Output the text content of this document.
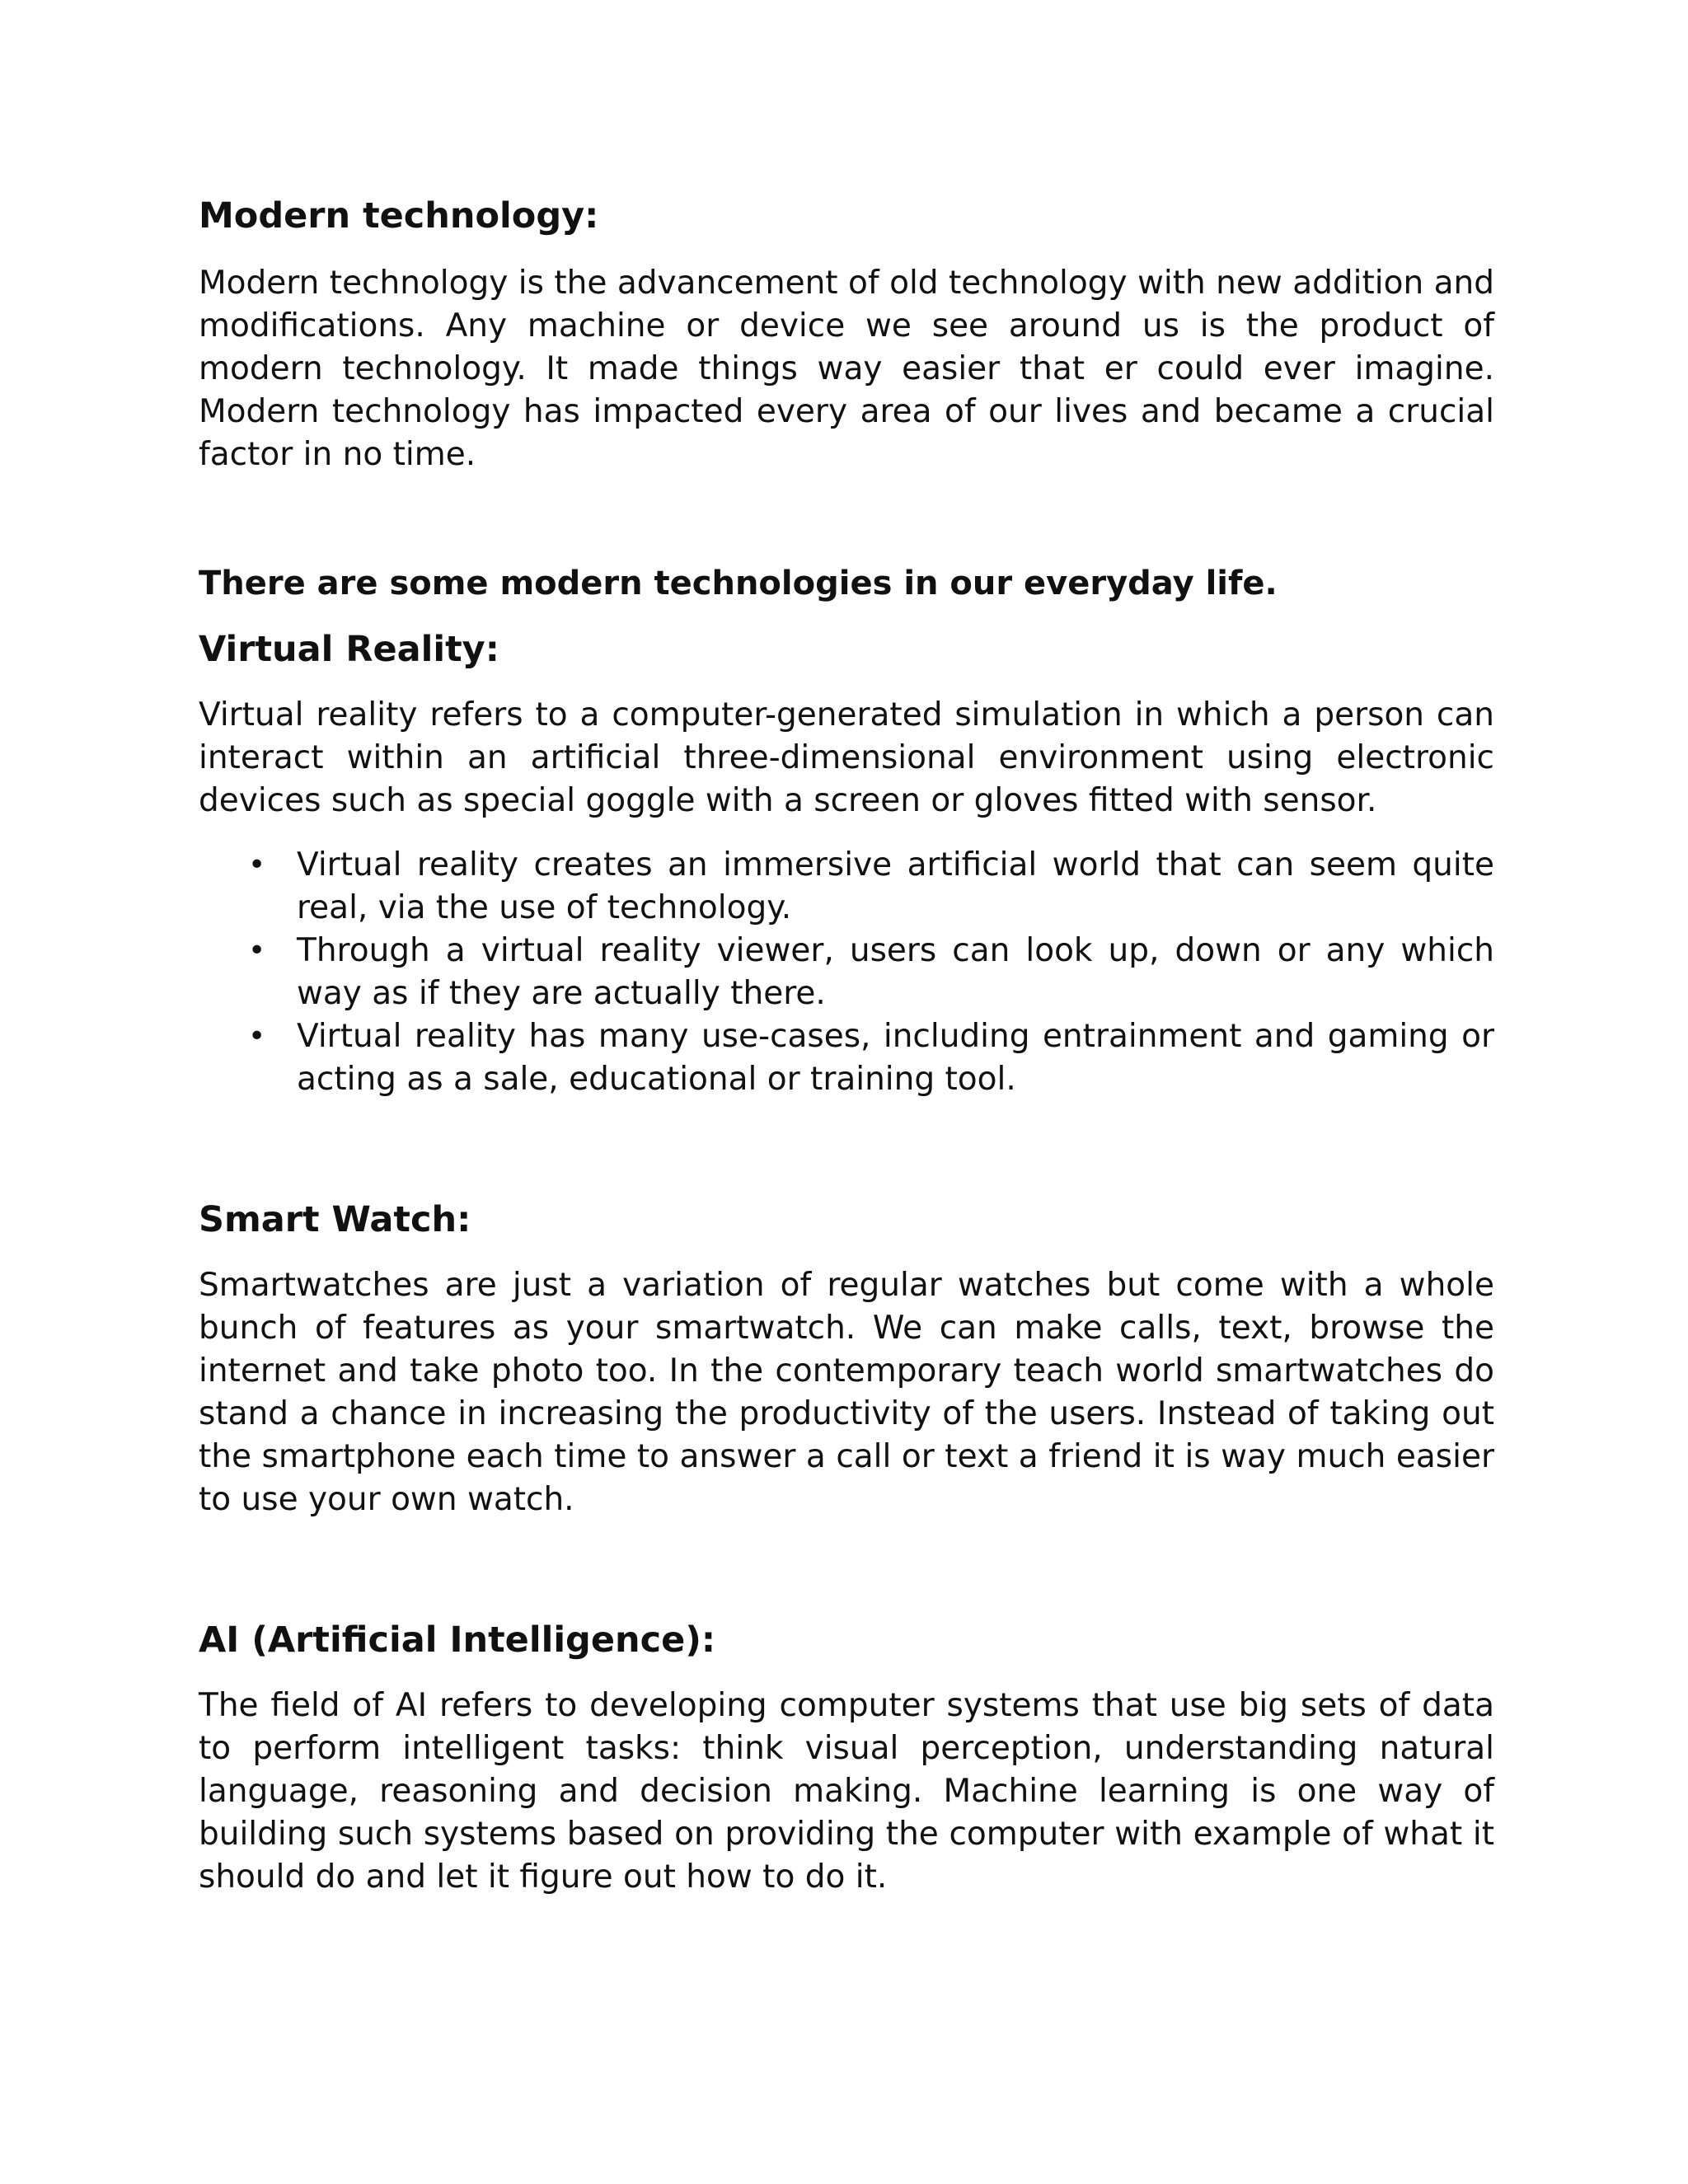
Modern technology:

Modern technology is the advancement of old technology with new addition and modifications. Any machine or device we see around us is the product of modern technology. It made things way easier that er could ever imagine. Modern technology has impacted every area of our lives and became a crucial factor in no time.

There are some modern technologies in our everyday life.

Virtual Reality:

Virtual reality refers to a computer-generated simulation in which a person can interact within an artificial three-dimensional environment using electronic devices such as special goggle with a screen or gloves fitted with sensor.

• Virtual reality creates an immersive artificial world that can seem quite real, via the use of technology.
• Through a virtual reality viewer, users can look up, down or any which way as if they are actually there.
• Virtual reality has many use-cases, including entrainment and gaming or acting as a sale, educational or training tool.
Smart Watch:

Smartwatches are just a variation of regular watches but come with a whole bunch of features as your smartwatch. We can make calls, text, browse the internet and take photo too. In the contemporary teach world smartwatches do stand a chance in increasing the productivity of the users. Instead of taking out the smartphone each time to answer a call or text a friend it is way much easier to use your own watch.

AI (Artificial Intelligence):

The field of AI refers to developing computer systems that use big sets of data to perform intelligent tasks: think visual perception, understanding natural language, reasoning and decision making. Machine learning is one way of building such systems based on providing the computer with example of what it should do and let it figure out how to do it.
